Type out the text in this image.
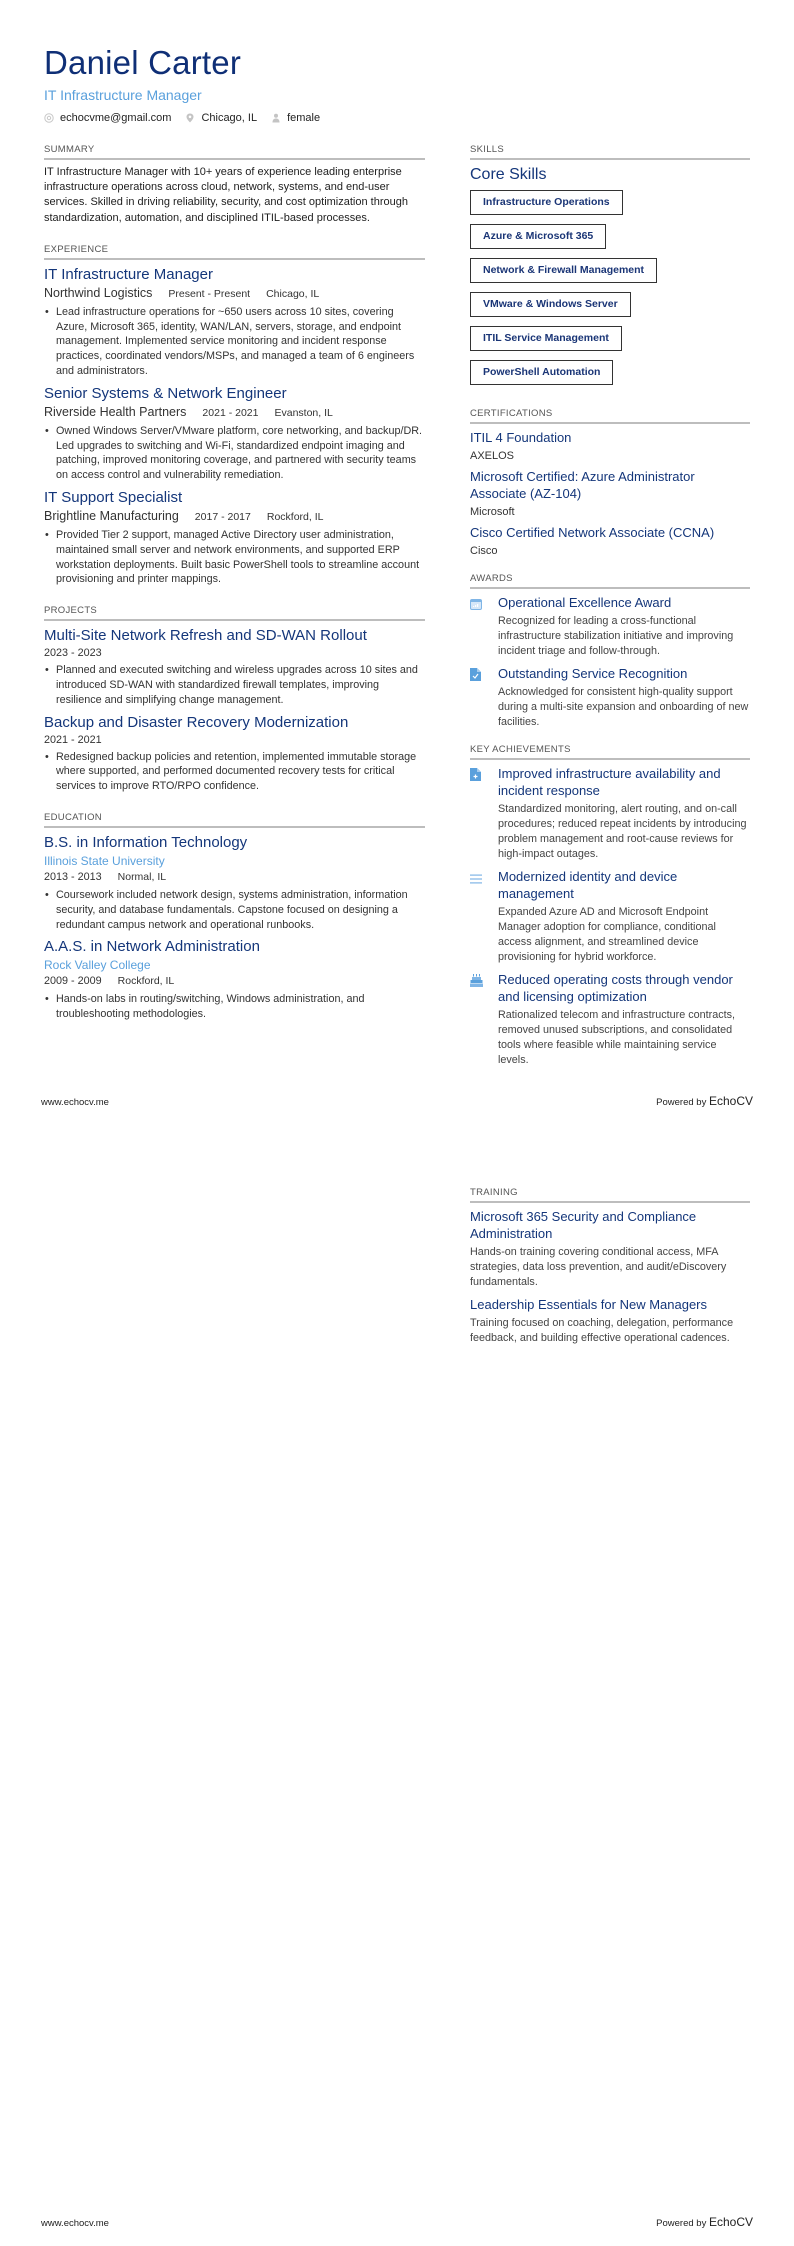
Daniel Carter
IT Infrastructure Manager
echocvme@gmail.com	Chicago, IL	female
SUMMARY
IT Infrastructure Manager with 10+ years of experience leading enterprise infrastructure operations across cloud, network, systems, and end-user services. Skilled in driving reliability, security, and cost optimization through standardization, automation, and disciplined ITIL-based processes.
EXPERIENCE
IT Infrastructure Manager
Northwind Logistics Present - Present Chicago, IL
• Lead infrastructure operations for ~650 users across 10 sites, covering Azure, Microsoft 365, identity, WAN/LAN, servers, storage, and endpoint management. Implemented service monitoring and incident response practices, coordinated vendors/MSPs, and managed a team of 6 engineers and administrators.
Senior Systems & Network Engineer
Riverside Health Partners 2021 - 2021 Evanston, IL
• Owned Windows Server/VMware platform, core networking, and backup/DR. Led upgrades to switching and Wi-Fi, standardized endpoint imaging and patching, improved monitoring coverage, and partnered with security teams on access control and vulnerability remediation.
IT Support Specialist
Brightline Manufacturing 2017 - 2017 Rockford, IL
• Provided Tier 2 support, managed Active Directory user administration, maintained small server and network environments, and supported ERP workstation deployments. Built basic PowerShell tools to streamline account provisioning and printer mappings.
PROJECTS
Multi-Site Network Refresh and SD-WAN Rollout
2023 - 2023
• Planned and executed switching and wireless upgrades across 10 sites and introduced SD-WAN with standardized firewall templates, improving resilience and simplifying change management.
Backup and Disaster Recovery Modernization
2021 - 2021
• Redesigned backup policies and retention, implemented immutable storage where supported, and performed documented recovery tests for critical services to improve RTO/RPO confidence.
EDUCATION
B.S. in Information Technology
Illinois State University
2013 - 2013 Normal, IL
• Coursework included network design, systems administration, information security, and database fundamentals. Capstone focused on designing a redundant campus network and operational runbooks.
A.A.S. in Network Administration
Rock Valley College
2009 - 2009 Rockford, IL
• Hands-on labs in routing/switching, Windows administration, and troubleshooting methodologies.
SKILLS
Core Skills
Infrastructure Operations
Azure & Microsoft 365
Network & Firewall Management
VMware & Windows Server
ITIL Service Management
PowerShell Automation
CERTIFICATIONS
ITIL 4 Foundation
AXELOS
Microsoft Certified: Azure Administrator Associate (AZ-104)
Microsoft
Cisco Certified Network Associate (CCNA)
Cisco
AWARDS
Operational Excellence Award
Recognized for leading a cross-functional infrastructure stabilization initiative and improving incident triage and follow-through.
Outstanding Service Recognition
Acknowledged for consistent high-quality support during a multi-site expansion and onboarding of new facilities.
KEY ACHIEVEMENTS
Improved infrastructure availability and incident response
Standardized monitoring, alert routing, and on-call procedures; reduced repeat incidents by introducing problem management and root-cause reviews for high-impact outages.
Modernized identity and device management
Expanded Azure AD and Microsoft Endpoint Manager adoption for compliance, conditional access alignment, and streamlined device provisioning for hybrid workforce.
Reduced operating costs through vendor and licensing optimization
Rationalized telecom and infrastructure contracts, removed unused subscriptions, and consolidated tools where feasible while maintaining service levels.
www.echocv.me	Powered by EchoCV
TRAINING
Microsoft 365 Security and Compliance Administration
Hands-on training covering conditional access, MFA strategies, data loss prevention, and audit/eDiscovery fundamentals.
Leadership Essentials for New Managers
Training focused on coaching, delegation, performance feedback, and building effective operational cadences.
www.echocv.me	Powered by EchoCV
